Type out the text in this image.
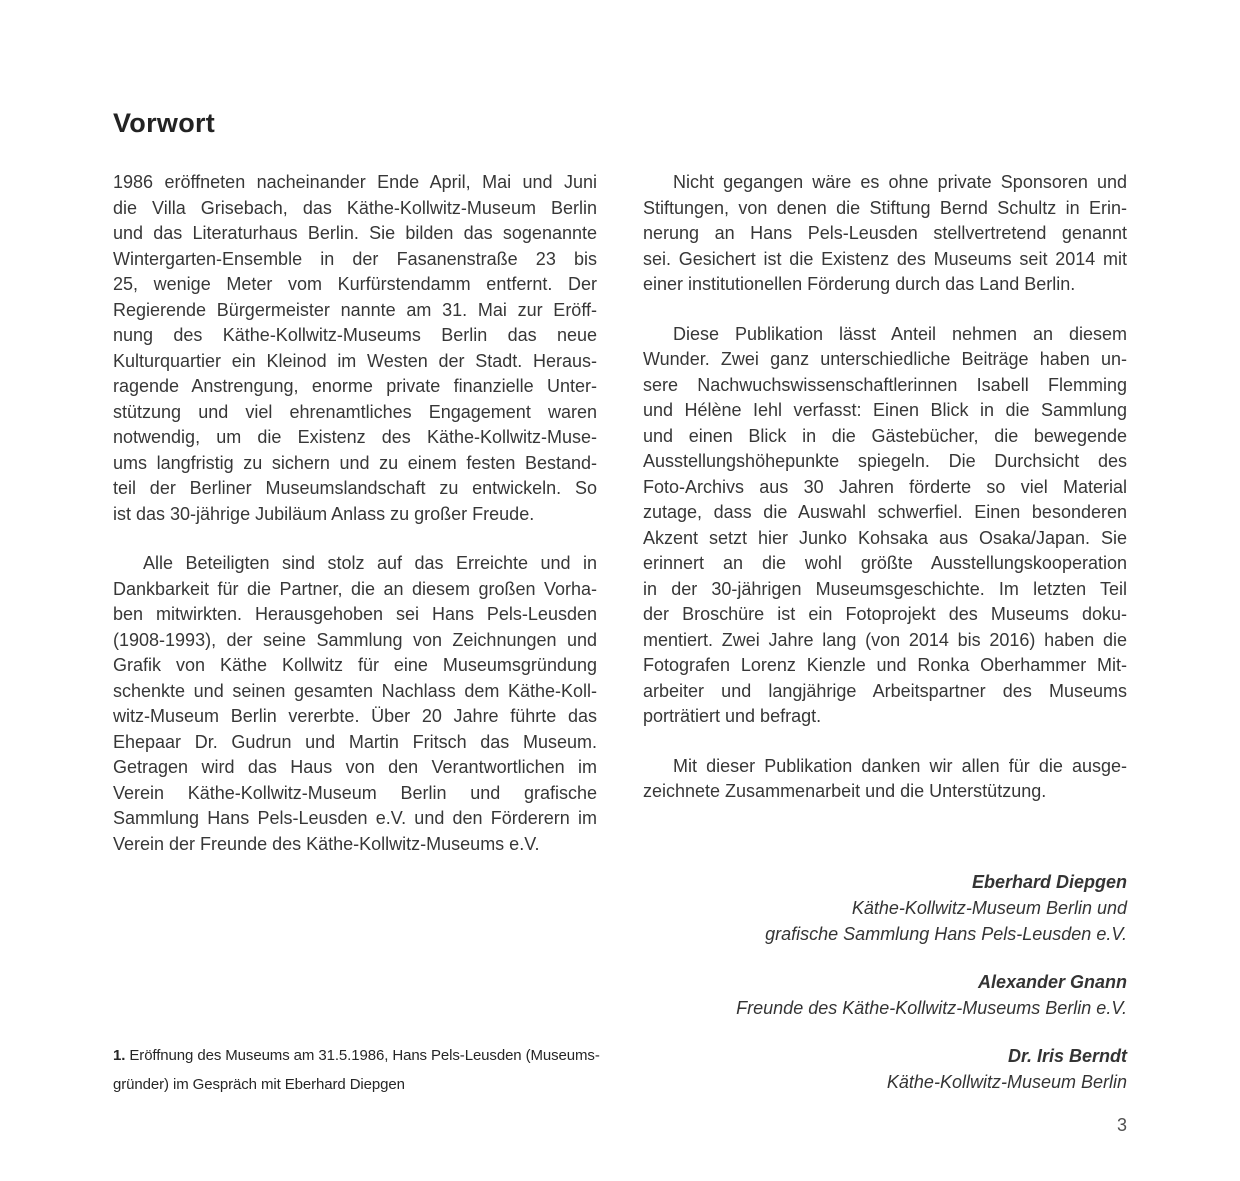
Vorwort
1986 eröffneten nacheinander Ende April, Mai und Juni
die Villa Grisebach, das Käthe-Kollwitz-Museum Berlin
und das Literaturhaus Berlin. Sie bilden das sogenannte
Wintergarten-Ensemble in der Fasanenstraße 23 bis
25, wenige Meter vom Kurfürstendamm entfernt. Der
Regierende Bürgermeister nannte am 31. Mai zur Eröff-
nung des Käthe-Kollwitz-Museums Berlin das neue
Kulturquartier ein Kleinod im Westen der Stadt. Heraus-
ragende Anstrengung, enorme private finanzielle Unter-
stützung und viel ehrenamtliches Engagement waren
notwendig, um die Existenz des Käthe-Kollwitz-Muse-
ums langfristig zu sichern und zu einem festen Bestand-
teil der Berliner Museumslandschaft zu entwickeln. So
ist das 30-jährige Jubiläum Anlass zu großer Freude.
Alle Beteiligten sind stolz auf das Erreichte und in
Dankbarkeit für die Partner, die an diesem großen Vorha-
ben mitwirkten. Herausgehoben sei Hans Pels-Leusden
(1908-1993), der seine Sammlung von Zeichnungen und
Grafik von Käthe Kollwitz für eine Museumsgründung
schenkte und seinen gesamten Nachlass dem Käthe-Koll-
witz-Museum Berlin vererbte. Über 20 Jahre führte das
Ehepaar Dr. Gudrun und Martin Fritsch das Museum.
Getragen wird das Haus von den Verantwortlichen im
Verein Käthe-Kollwitz-Museum Berlin und grafische
Sammlung Hans Pels-Leusden e.V. und den Förderern im
Verein der Freunde des Käthe-Kollwitz-Museums e.V.
Nicht gegangen wäre es ohne private Sponsoren und
Stiftungen, von denen die Stiftung Bernd Schultz in Erin-
nerung an Hans Pels-Leusden stellvertretend genannt
sei. Gesichert ist die Existenz des Museums seit 2014 mit
einer institutionellen Förderung durch das Land Berlin.
Diese Publikation lässt Anteil nehmen an diesem
Wunder. Zwei ganz unterschiedliche Beiträge haben un-
sere Nachwuchswissenschaftlerinnen Isabell Flemming
und Hélène Iehl verfasst: Einen Blick in die Sammlung
und einen Blick in die Gästebücher, die bewegende
Ausstellungshöhepunkte spiegeln. Die Durchsicht des
Foto-Archivs aus 30 Jahren förderte so viel Material
zutage, dass die Auswahl schwerfiel. Einen besonderen
Akzent setzt hier Junko Kohsaka aus Osaka/Japan. Sie
erinnert an die wohl größte Ausstellungskooperation
in der 30-jährigen Museumsgeschichte. Im letzten Teil
der Broschüre ist ein Fotoprojekt des Museums doku-
mentiert. Zwei Jahre lang (von 2014 bis 2016) haben die
Fotografen Lorenz Kienzle und Ronka Oberhammer Mit-
arbeiter und langjährige Arbeitspartner des Museums
porträtiert und befragt.
Mit dieser Publikation danken wir allen für die ausge-
zeichnete Zusammenarbeit und die Unterstützung.
1. Eröffnung des Museums am 31.5.1986, Hans Pels-Leusden (Museums-
gründer) im Gespräch mit Eberhard Diepgen
Eberhard Diepgen
Käthe-Kollwitz-Museum Berlin und
grafische Sammlung Hans Pels-Leusden e.V.
Alexander Gnann
Freunde des Käthe-Kollwitz-Museums Berlin e.V.
Dr. Iris Berndt
Käthe-Kollwitz-Museum Berlin
3
